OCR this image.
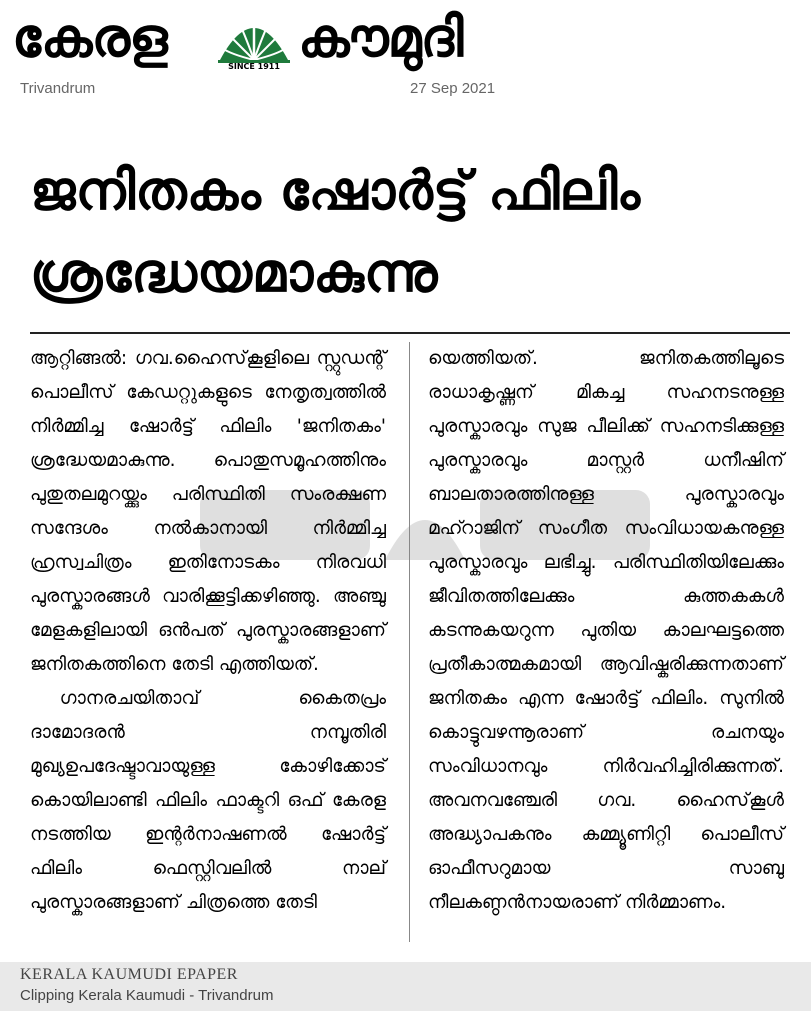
കേരള	SINCE 1911 കൗമുദി
Trivandrum	27 Sep 2021
ജനിതകം ഷോർട്ട് ഫിലിം
ശ്രദ്ധേയമാകുന്നു

ആറ്റിങ്ങൽ: ഗവ.ഹൈസ്‌കൂളിലെ സ്റ്റുഡന്റ് പൊലീസ് കേഡറ്റുകളുടെ നേതൃത്വത്തിൽ നിർമ്മിച്ച ഷോർട്ട് ഫിലിം 'ജനിതകം' ശ്രദ്ധേയമാകുന്നു. പൊതുസമൂഹത്തിനും പുതുതലമുറയ്ക്കും പരിസ്ഥിതി സംരക്ഷണ സന്ദേശം നൽകാനായി നിർമ്മിച്ച ഹ്രസ്വചിത്രം ഇതിനോടകം നിരവധി പുരസ്കാരങ്ങൾ വാരിക്കൂട്ടിക്കഴിഞ്ഞു. അഞ്ചു മേളകളിലായി ഒൻപത് പുരസ്കാരങ്ങളാണ് ജനിതകത്തിനെ തേടി എത്തിയത്.

ഗാനരചയിതാവ് കൈതപ്രം ദാമോദരൻ നമ്പൂതിരി മുഖ്യഉപദേഷ്ടാവായുള്ള കോഴിക്കോട് കൊയിലാണ്ടി ഫിലിം ഫാക്ടറി ഒഫ് കേരള നടത്തിയ ഇന്റർനാഷണൽ ഷോർട്ട് ഫിലിം ഫെസ്റ്റിവലിൽ നാല് പുരസ്കാരങ്ങളാണ് ചിത്രത്തെ തേടി

യെത്തിയത്. ജനിതകത്തിലൂടെ രാധാകൃഷ്ണന് മികച്ച സഹനടനുള്ള പുരസ്കാരവും സുജ പീലിക്ക് സഹനടിക്കുള്ള പുരസ്കാരവും മാസ്റ്റർ ധനീഷിന് ബാലതാരത്തിനുള്ള പുരസ്കാരവും മഹ്റാജിന് സംഗീത സംവിധായകനുള്ള പുരസ്കാരവും ലഭിച്ചു. പരിസ്ഥിതിയിലേക്കും ജീവിതത്തിലേക്കും കുത്തകകൾ കടന്നുകയറുന്ന പുതിയ കാലഘട്ടത്തെ പ്രതീകാത്മകമായി ആവിഷ്കരിക്കുന്നതാണ് ജനിതകം എന്ന ഷോർട്ട് ഫിലിം. സുനിൽ കൊട്ടുവഴന്നൂരാണ് രചനയും സംവിധാനവും നിർവഹിച്ചിരിക്കുന്നത്. അവനവഞ്ചേരി ഗവ. ഹൈസ്‌കൂൾ അദ്ധ്യാപകനും കമ്മ്യൂണിറ്റി പൊലീസ് ഓഫീസറുമായ സാബു നീലകണ്ഠൻനായരാണ് നിർമ്മാണം.

KERALA KAUMUDI EPAPER
Clipping Kerala Kaumudi - Trivandrum
